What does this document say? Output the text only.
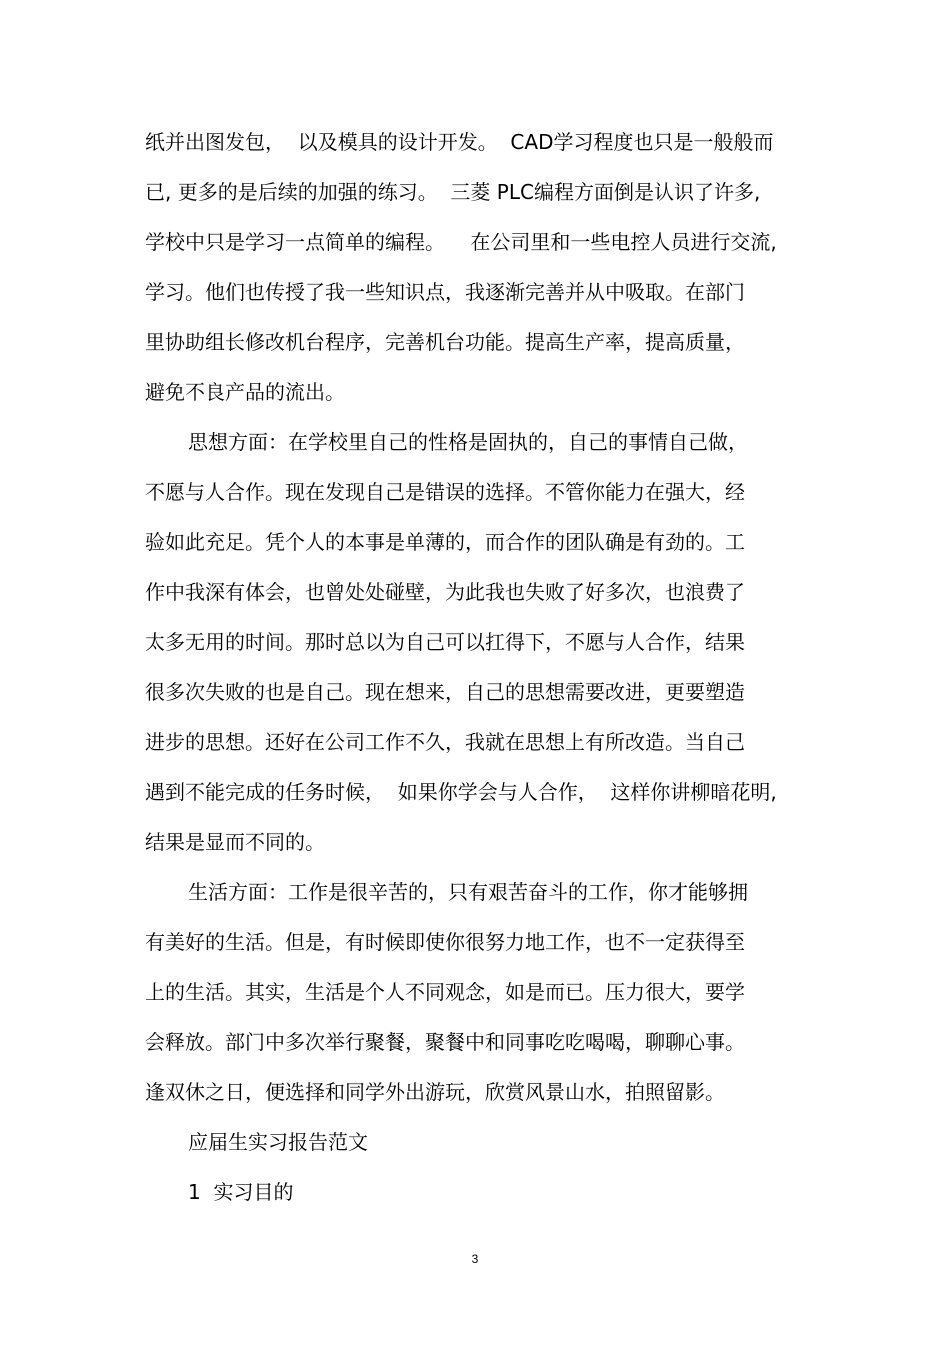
纸并出图发包，  以及模具的设计开发。  CAD学习程度也只是一般般而
已, 更多的是后续的加强的练习。  三菱 PLC编程方面倒是认识了许多,
学校中只是学习一点简单的编程。    在公司里和一些电控人员进行交流,
学习。他们也传授了我一些知识点，我逐渐完善并从中吸取。在部门
里协助组长修改机台程序，完善机台功能。提高生产率，提高质量，
避免不良产品的流出。
思想方面：在学校里自己的性格是固执的，自己的事情自己做，
不愿与人合作。现在发现自己是错误的选择。不管你能力在强大，经
验如此充足。凭个人的本事是单薄的，而合作的团队确是有劲的。工
作中我深有体会，也曾处处碰壁，为此我也失败了好多次，也浪费了
太多无用的时间。那时总以为自己可以扛得下，不愿与人合作，结果
很多次失败的也是自己。现在想来，自己的思想需要改进，更要塑造
进步的思想。还好在公司工作不久，我就在思想上有所改造。当自己
遇到不能完成的任务时候，  如果你学会与人合作，  这样你讲柳暗花明,
结果是显而不同的。
生活方面：工作是很辛苦的，只有艰苦奋斗的工作，你才能够拥
有美好的生活。但是，有时候即使你很努力地工作，也不一定获得至
上的生活。其实，生活是个人不同观念，如是而已。压力很大，要学
会释放。部门中多次举行聚餐，聚餐中和同事吃吃喝喝，聊聊心事。
逢双休之日，便选择和同学外出游玩，欣赏风景山水，拍照留影。
应届生实习报告范文
1  实习目的
3
